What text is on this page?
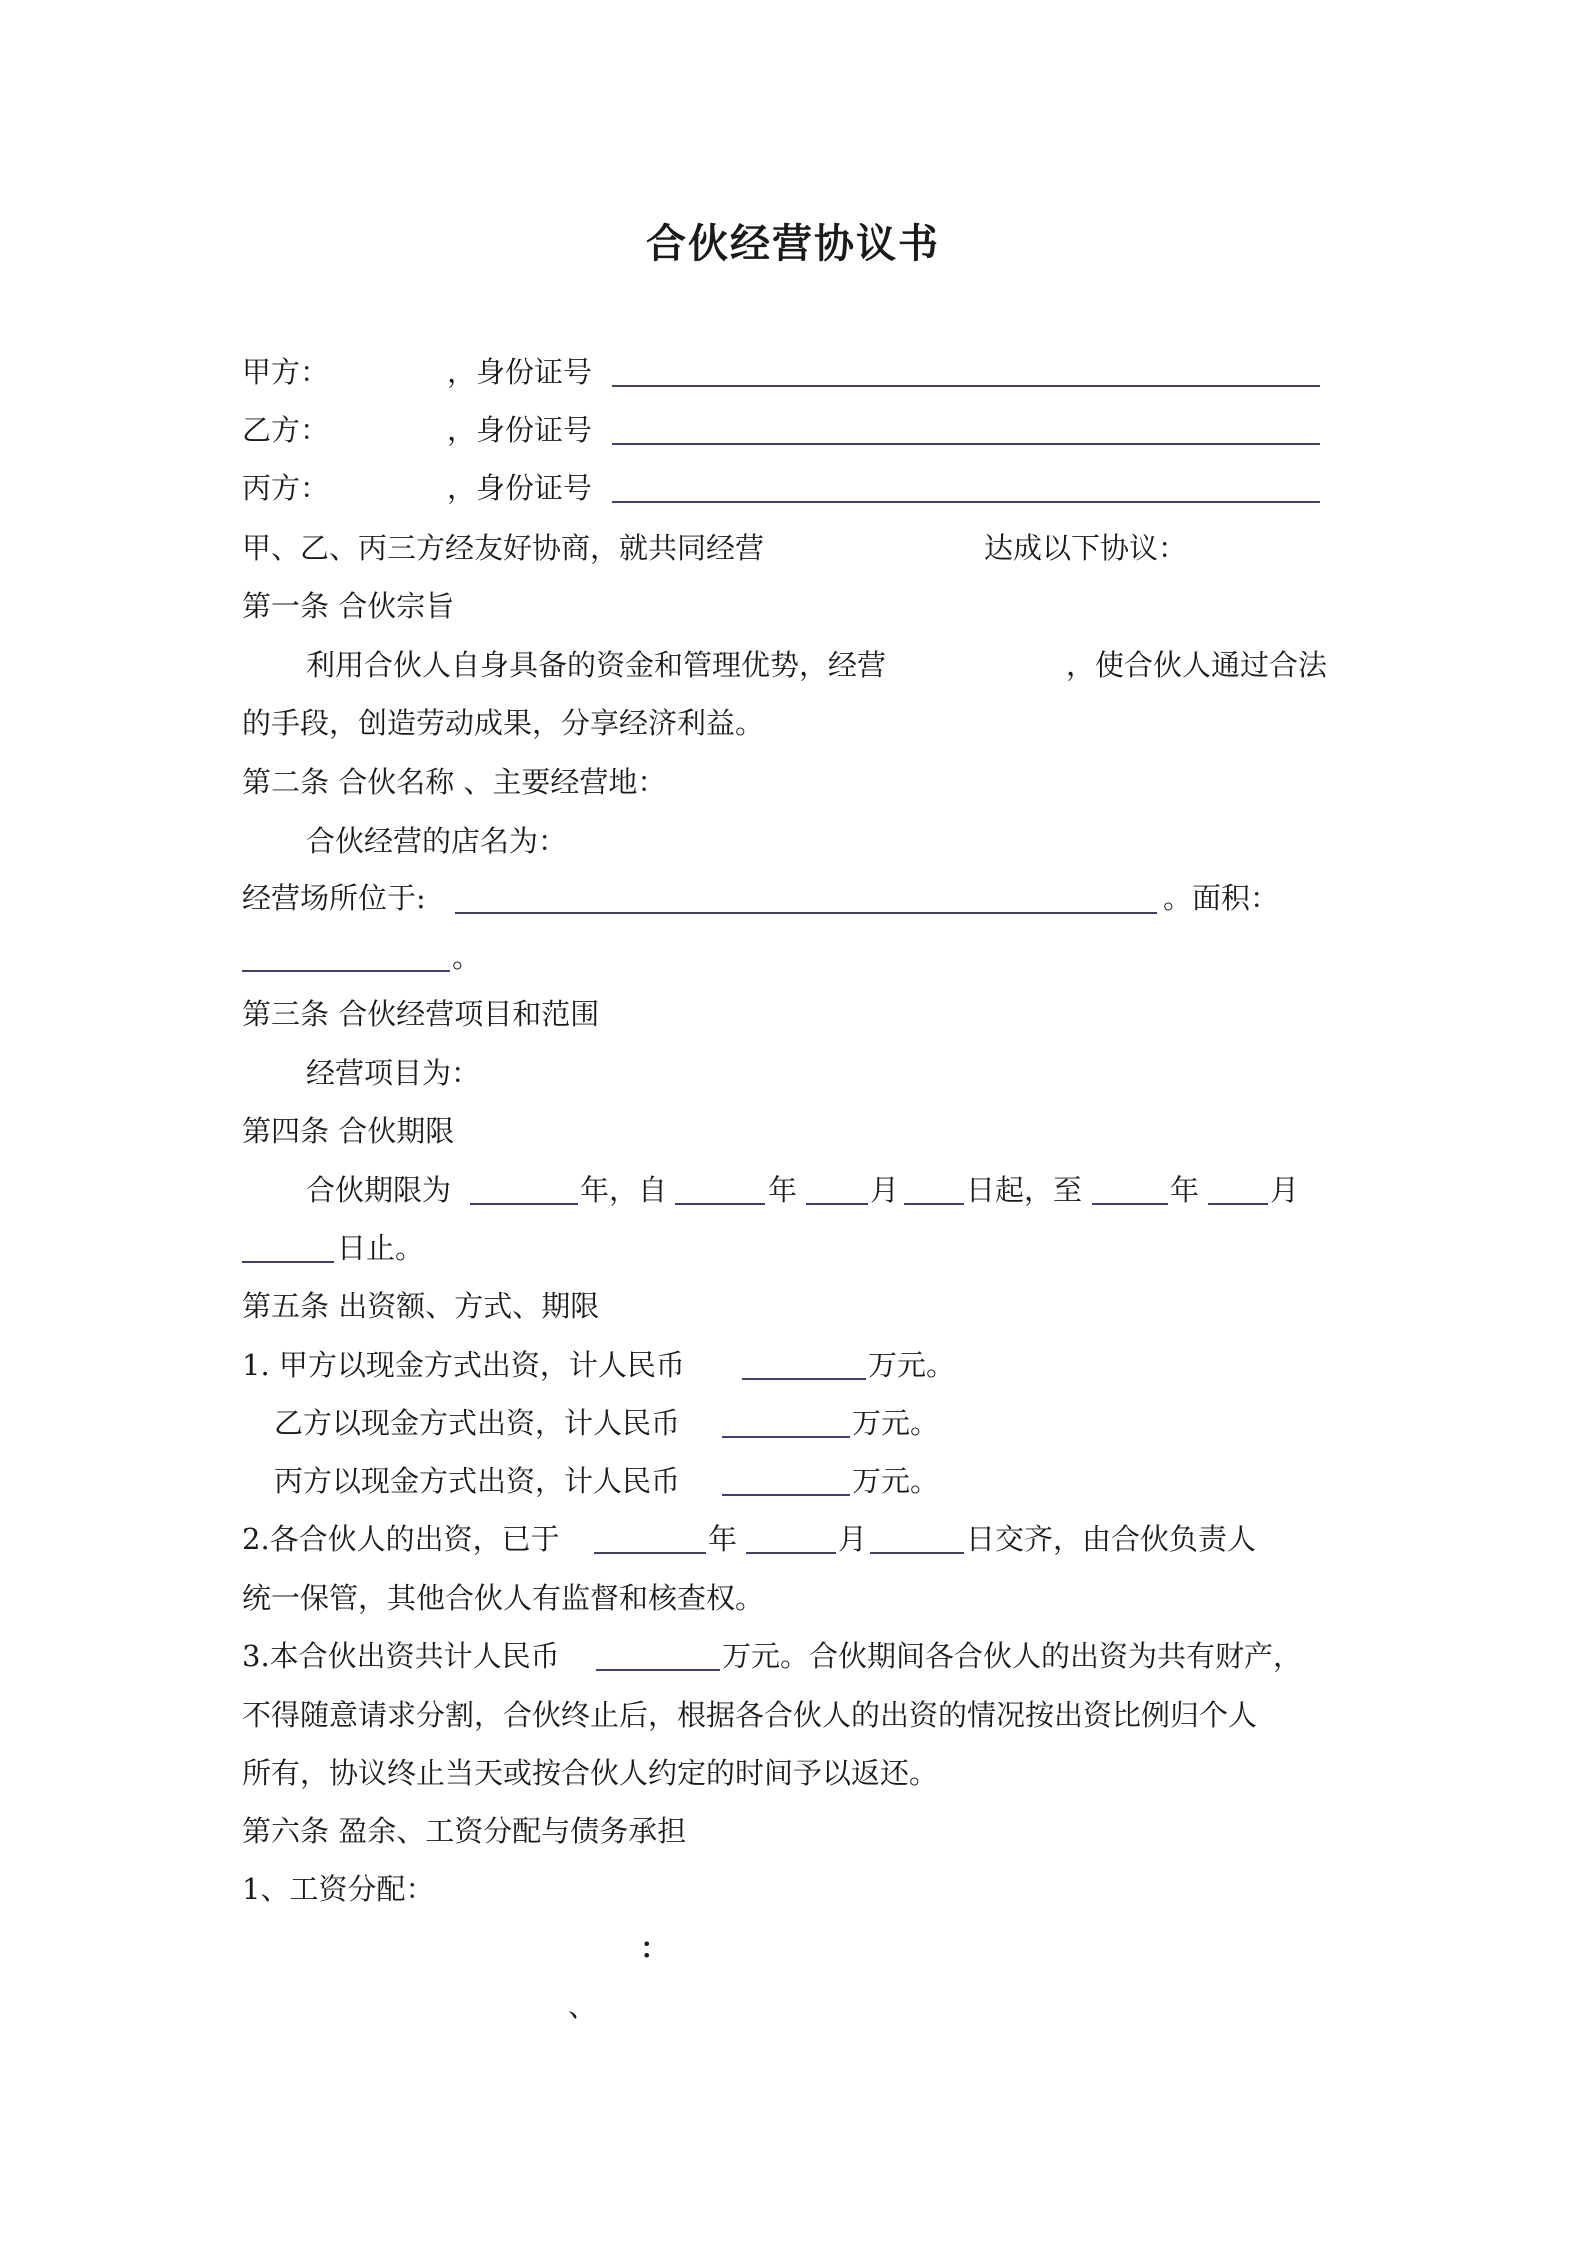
合伙经营协议书
甲方：	，身份证号
乙方：	，身份证号
丙方：	，身份证号
甲、乙、丙三方经友好协商，就共同经营	达成以下协议：
第一条 合伙宗旨
利用合伙人自身具备的资金和管理优势，经营	，使合伙人通过合法
的手段，创造劳动成果，分享经济利益。
第二条 合伙名称 、主要经营地：
合伙经营的店名为：
经营场所位于:	。面积：
。
第三条 合伙经营项目和范围
经营项目为：
第四条 合伙期限
合伙期限为	年，自	年	月 日起，至	年 月
日止。
第五条 出资额、方式、期限
1. 甲方以现金方式出资，计人民币	万元。
乙方以现金方式出资，计人民币	万元。
丙方以现金方式出资，计人民币	万元。
2.各合伙人的出资，已于	年	月	日交齐，由合伙负责人
统一保管，其他合伙人有监督和核查权。
3.本合伙出资共计人民币	万元。合伙期间各合伙人的出资为共有财产，
不得随意请求分割，合伙终止后，根据各合伙人的出资的情况按出资比例归个人
所有，协议终止当天或按合伙人约定的时间予以返还。
第六条 盈余、工资分配与债务承担
1、工资分配：
：
、
